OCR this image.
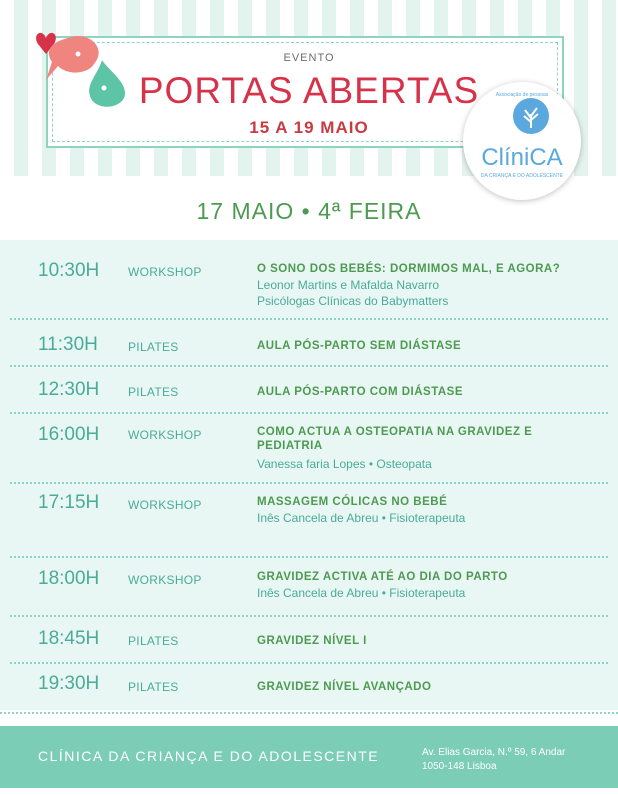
EVENTO
PORTAS ABERTAS
15 A 19 MAIO
Associação de pessoas
ClíniCA
DA CRIANÇA E DO ADOLESCENTE
17 MAIO • 4ª FEIRA
10:30H WORKSHOP	O SONO DOS BEBÉS: DORMIMOS MAL, E AGORA?
Leonor Martins e Mafalda Navarro
Psicólogas Clínicas do Babymatters
11:30H	PILATES	AULA PÓS-PARTO SEM DIÁSTASE
12:30H PILATES	AULA PÓS-PARTO COM DIÁSTASE
16:00H WORKSHOP	COMO ACTUA A OSTEOPATIA NA GRAVIDEZ E PEDIATRIA
Vanessa faria Lopes • Osteopata
17:15H WORKSHOP	MASSAGEM CÓLICAS NO BEBÉ
Inês Cancela de Abreu • Fisioterapeuta
18:00H WORKSHOP	GRAVIDEZ ACTIVA ATÉ AO DIA DO PARTO
Inês Cancela de Abreu • Fisioterapeuta
18:45H PILATES	GRAVIDEZ NÍVEL I
19:30H PILATES	GRAVIDEZ NÍVEL AVANÇADO
CLÍNICA DA CRIANÇA E DO ADOLESCENTE	Av. Elias Garcia, N.º 59, 6 Andar
1050-148 Lisboa
